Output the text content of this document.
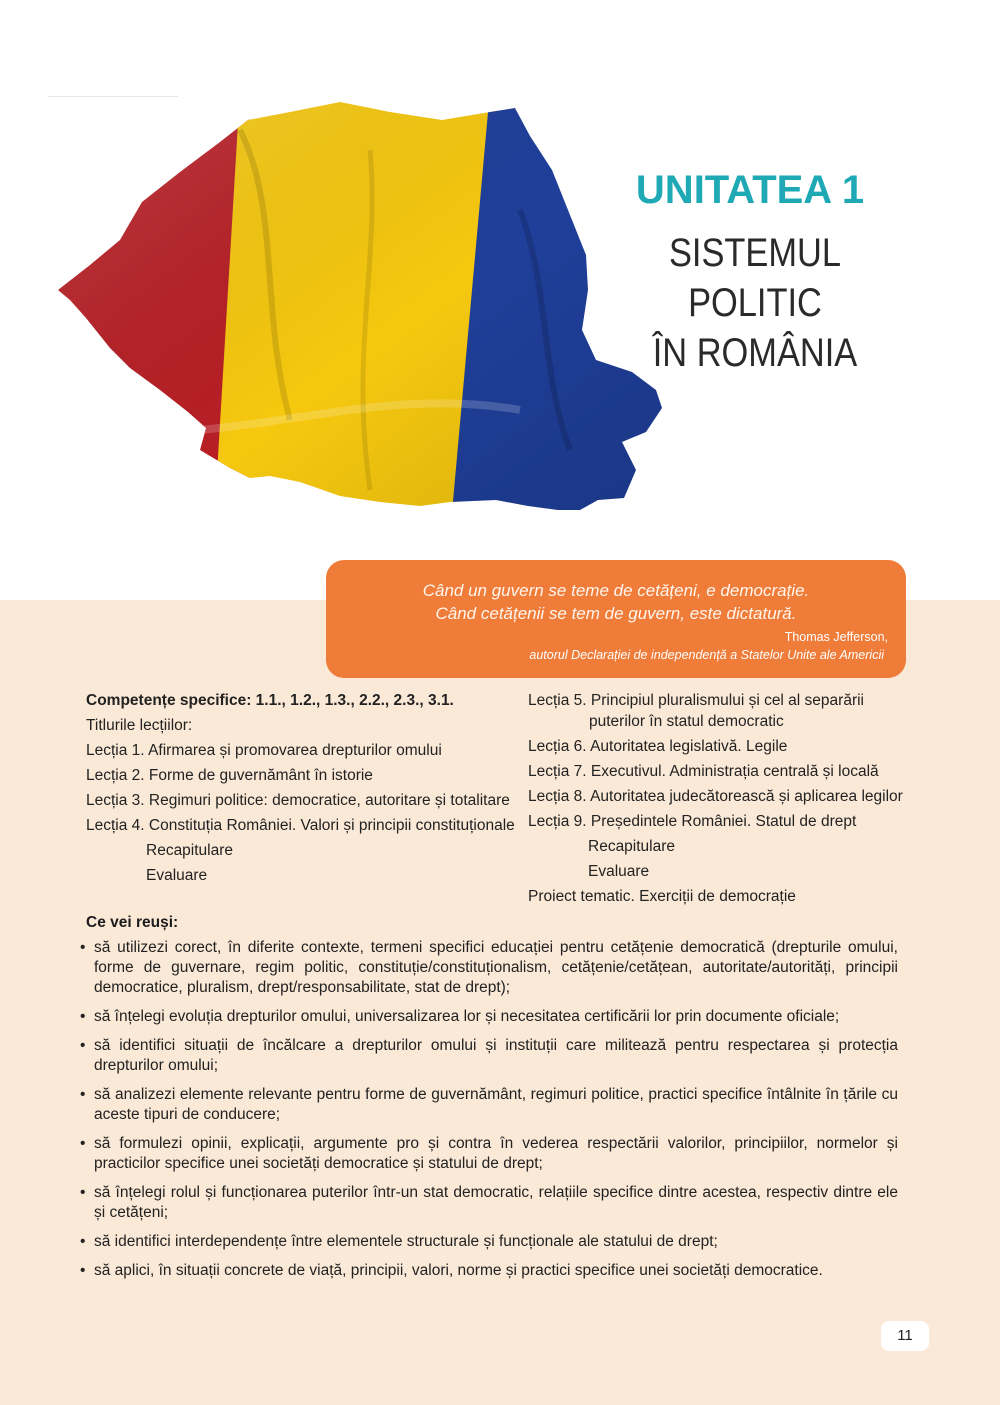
UNITATEA 1
SISTEMUL POLITIC
ÎN ROMÂNIA
Când un guvern se teme de cetățeni, e democrație.
Când cetățenii se tem de guvern, este dictatură.
Thomas Jefferson,
autorul Declarației de independență a Statelor Unite ale Americii
Competențe specifice: 1.1., 1.2., 1.3., 2.2., 2.3., 3.1.
Titlurile lecțiilor:
Lecția 1. Afirmarea și promovarea drepturilor omului
Lecția 2. Forme de guvernământ în istorie
Lecția 3. Regimuri politice: democratice, autoritare și totalitare
Lecția 4. Constituția României. Valori și principii constituționale
Recapitulare
Evaluare
Lecția 5. Principiul pluralismului și cel al separării
puterilor în statul democratic
Lecția 6. Autoritatea legislativă. Legile
Lecția 7. Executivul. Administrația centrală și locală
Lecția 8. Autoritatea judecătorească și aplicarea legilor
Lecția 9. Președintele României. Statul de drept
Recapitulare
Evaluare
Proiect tematic. Exerciții de democrație
Ce vei reuși:
• să utilizezi corect, în diferite contexte, termeni specifici educației pentru cetățenie democratică (drepturile omului, forme de guvernare, regim politic, constituție/constituționalism, cetățenie/cetățean, autoritate/autorități, principii democratice, pluralism, drept/responsabilitate, stat de drept);
• să înțelegi evoluția drepturilor omului, universalizarea lor și necesitatea certificării lor prin documente oficiale;
• să identifici situații de încălcare a drepturilor omului și instituții care militează pentru respectarea și protecția drepturilor omului;
• să analizezi elemente relevante pentru forme de guvernământ, regimuri politice, practici specifice întâlnite în țările cu aceste tipuri de conducere;
• să formulezi opinii, explicații, argumente pro și contra în vederea respectării valorilor, principiilor, normelor și practicilor specifice unei societăți democratice și statului de drept;
• să înțelegi rolul și funcționarea puterilor într-un stat democratic, relațiile specifice dintre acestea, respectiv dintre ele și cetățeni;
• să identifici interdependențe între elementele structurale și funcționale ale statului de drept;
• să aplici, în situații concrete de viață, principii, valori, norme și practici specifice unei societăți democratice.
11
